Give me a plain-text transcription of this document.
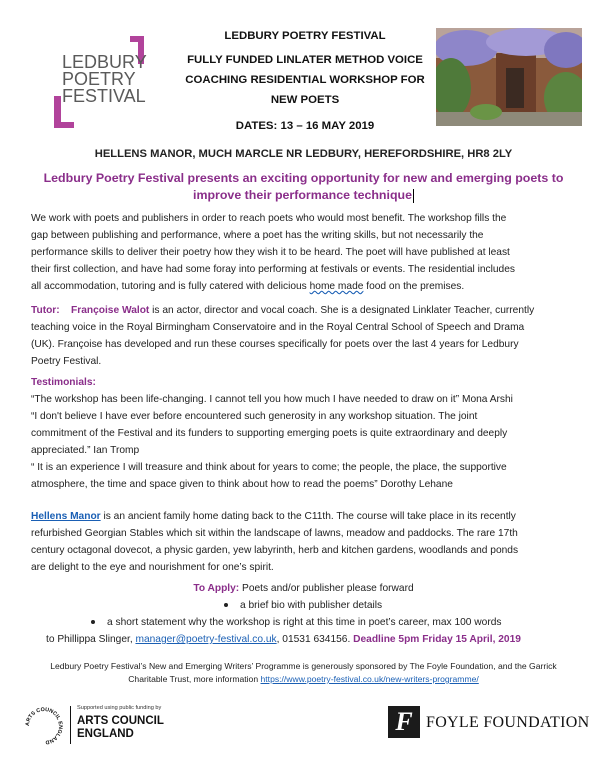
LEDBURY
POETRY
FESTIVAL
LEDBURY POETRY FESTIVAL
FULLY FUNDED LINLATER METHOD VOICE
COACHING RESIDENTIAL WORKSHOP FOR
NEW POETS
DATES: 13 – 16 MAY 2019
HELLENS MANOR, MUCH MARCLE NR LEDBURY, HEREFORDSHIRE, HR8 2LY
Ledbury Poetry Festival presents an exciting opportunity for new and emerging poets to
improve their performance technique
We work with poets and publishers in order to reach poets who would most benefit. The workshop fills the
gap between publishing and performance, where a poet has the writing skills, but not necessarily the
performance skills to deliver their poetry how they wish it to be heard. The poet will have published at least
their first collection, and have had some foray into performing at festivals or events. The residential includes
all accommodation, tutoring and is fully catered with delicious home made food on the premises.
Tutor: Françoise Walot is an actor, director and vocal coach. She is a designated Linklater Teacher, currently
teaching voice in the Royal Birmingham Conservatoire and in the Royal Central School of Speech and Drama
(UK). Françoise has developed and run these courses specifically for poets over the last 4 years for Ledbury
Poetry Festival.
Testimonials:
“The workshop has been life-changing. I cannot tell you how much I have needed to draw on it” Mona Arshi
“I don't believe I have ever before encountered such generosity in any workshop situation. The joint
commitment of the Festival and its funders to supporting emerging poets is quite extraordinary and deeply
appreciated.” Ian Tromp
“ It is an experience I will treasure and think about for years to come; the people, the place, the supportive
atmosphere, the time and space given to think about how to read the poems” Dorothy Lehane
Hellens Manor is an ancient family home dating back to the C11th. The course will take place in its recently
refurbished Georgian Stables which sit within the landscape of lawns, meadow and paddocks. The rare 17th
century octagonal dovecot, a physic garden, yew labyrinth, herb and kitchen gardens, woodlands and ponds
are delight to the eye and nourishment for one’s spirit.
To Apply: Poets and/or publisher please forward
a brief bio with publisher details
a short statement why the workshop is right at this time in poet’s career, max 100 words
to Phillippa Slinger, manager@poetry-festival.co.uk, 01531 634156. Deadline 5pm Friday 15 April, 2019
Ledbury Poetry Festival’s New and Emerging Writers’ Programme is generously sponsored by The Foyle Foundation, and the Garrick
Charitable Trust, more information https://www.poetry-festival.co.uk/new-writers-programme/
ARTS COUNCIL ENGLAND
Supported using public funding by
ARTS COUNCIL
ENGLAND	F FOYLE FOUNDATION
